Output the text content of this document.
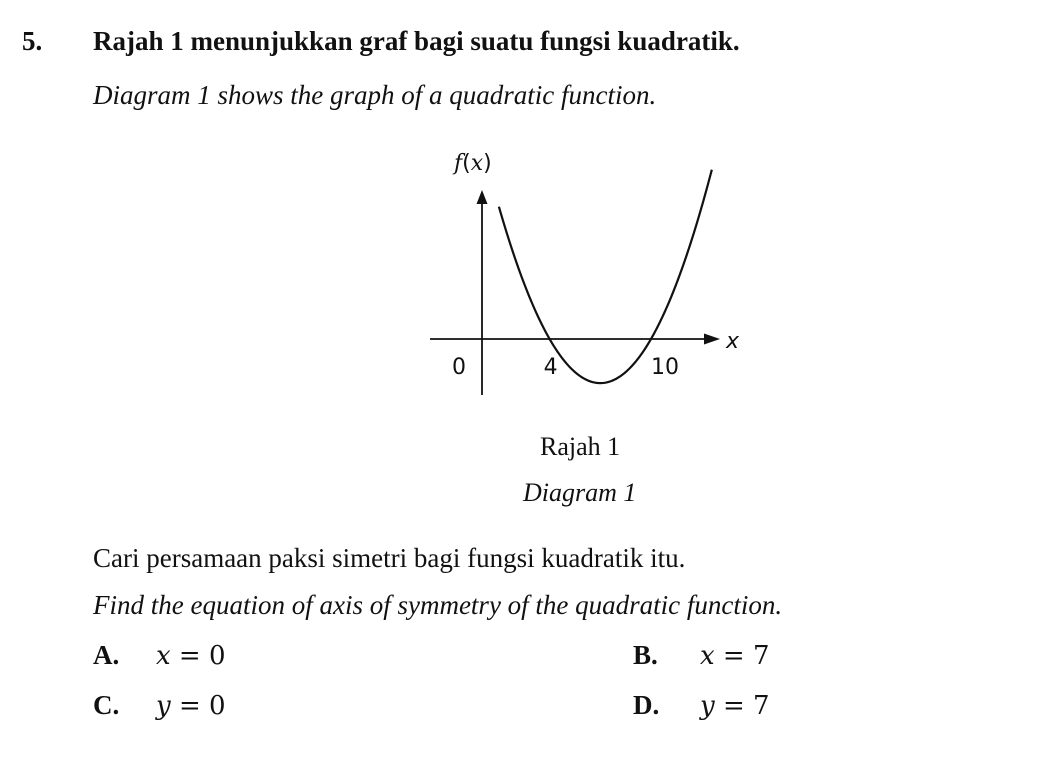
5. Rajah 1 menunjukkan graf bagi suatu fungsi kuadratik.
Diagram 1 shows the graph of a quadratic function.
f(x)
x
0	4	10
Rajah 1
Diagram 1
Cari persamaan paksi simetri bagi fungsi kuadratik itu.
Find the equation of axis of symmetry of the quadratic function.
A. x = 0	B. x = 7
C. y = 0	D. y = 7
